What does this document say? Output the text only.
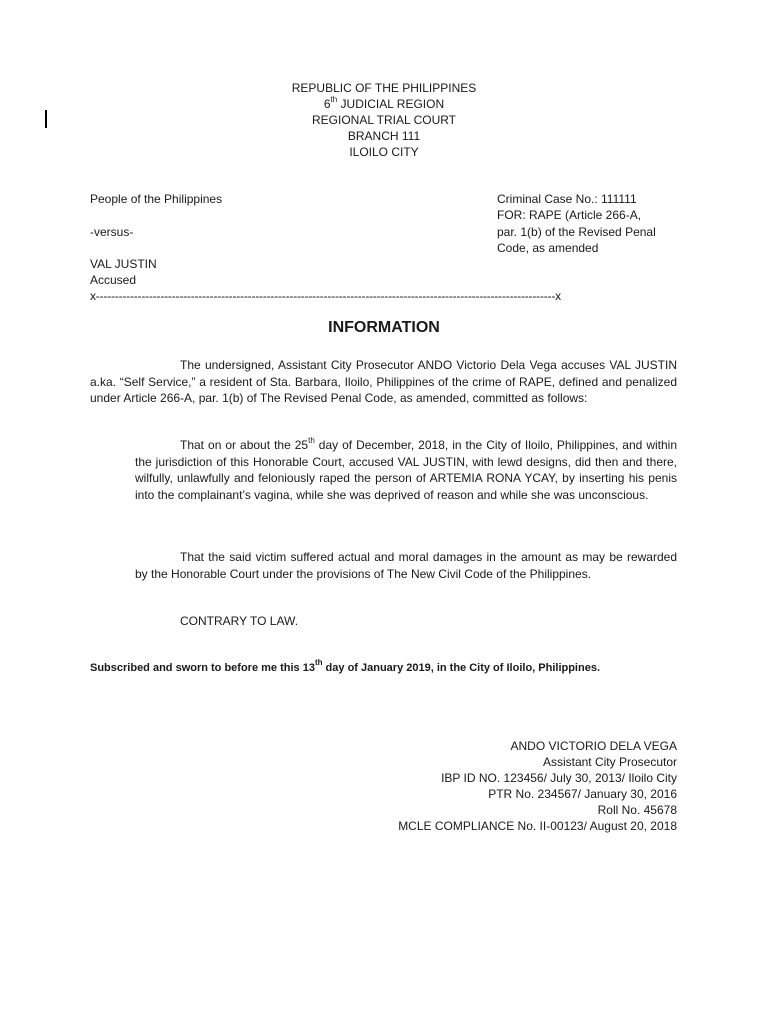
REPUBLIC OF THE PHILIPPINES
6th JUDICIAL REGION
REGIONAL TRIAL COURT
BRANCH 111
ILOILO CITY
People of the Philippines
-versus-
VAL JUSTIN
Accused
Criminal Case No.: 111111
FOR: RAPE (Article 266-A,
par. 1(b) of the Revised Penal
Code, as amended
x-------------------------------------------------------------------------------------------------------------------------x
INFORMATION
The undersigned, Assistant City Prosecutor ANDO Victorio Dela Vega accuses VAL JUSTIN a.ka. “Self Service,” a resident of Sta. Barbara, Iloilo, Philippines of the crime of RAPE, defined and penalized under Article 266-A, par. 1(b) of The Revised Penal Code, as amended, committed as follows:
That on or about the 25th day of December, 2018, in the City of Iloilo, Philippines, and within the jurisdiction of this Honorable Court, accused VAL JUSTIN, with lewd designs, did then and there, wilfully, unlawfully and feloniously raped the person of ARTEMIA RONA YCAY, by inserting his penis into the complainant’s vagina, while she was deprived of reason and while she was unconscious.
That the said victim suffered actual and moral damages in the amount as may be rewarded by the Honorable Court under the provisions of The New Civil Code of the Philippines.
CONTRARY TO LAW.
Subscribed and sworn to before me this 13th day of January 2019, in the City of Iloilo, Philippines.
ANDO VICTORIO DELA VEGA
Assistant City Prosecutor
IBP ID NO. 123456/ July 30, 2013/ Iloilo City
PTR No. 234567/ January 30, 2016
Roll No. 45678
MCLE COMPLIANCE No. II-00123/ August 20, 2018
